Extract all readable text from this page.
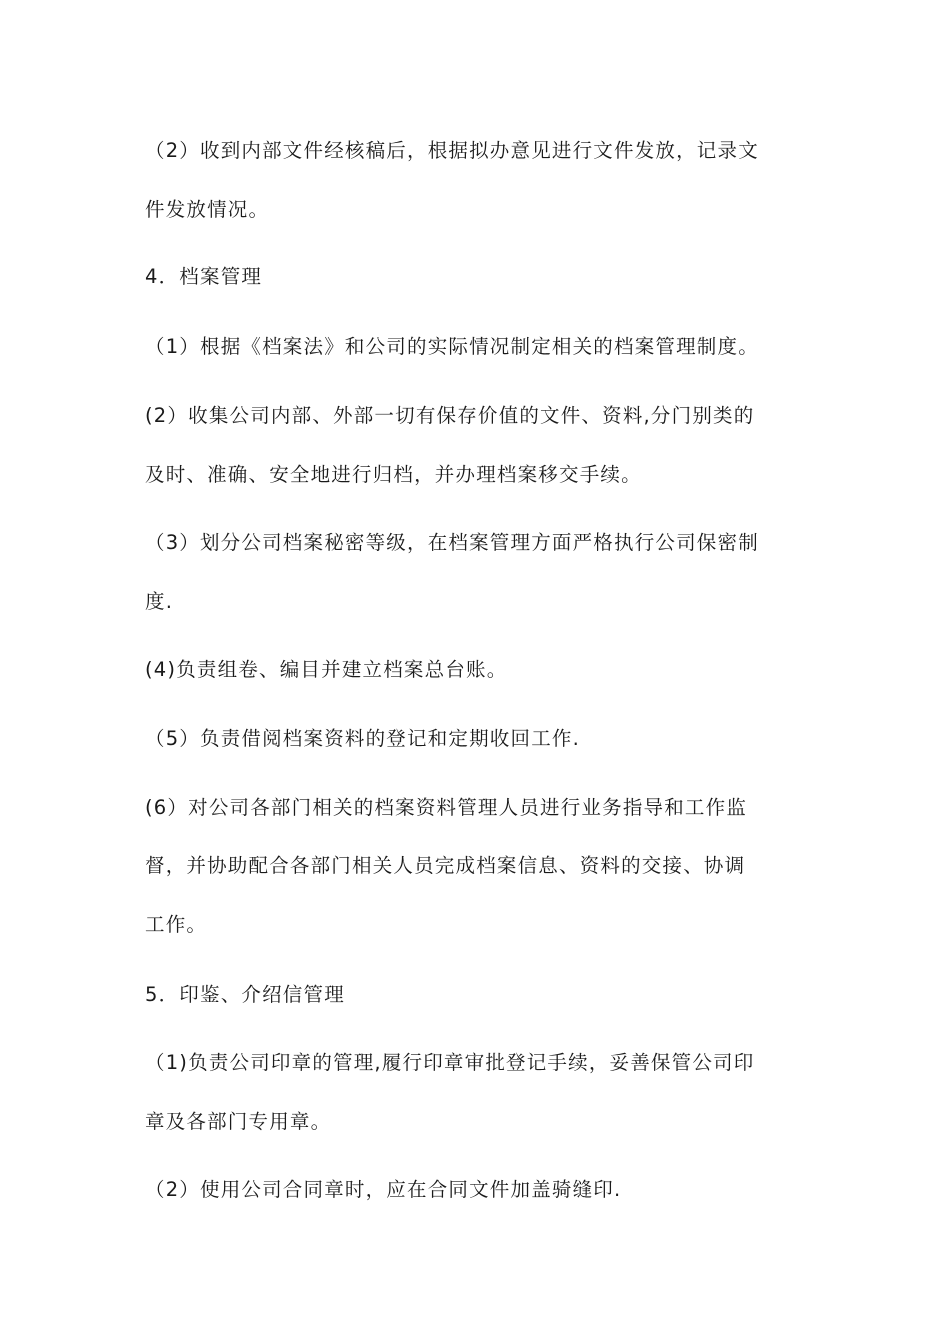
（2）收到内部文件经核稿后，根据拟办意见进行文件发放，记录文
件发放情况。
4．档案管理
（1）根据《档案法》和公司的实际情况制定相关的档案管理制度。
(2）收集公司内部、外部一切有保存价值的文件、资料,分门别类的
及时、准确、安全地进行归档，并办理档案移交手续。
（3）划分公司档案秘密等级，在档案管理方面严格执行公司保密制
度.
(4)负责组卷、编目并建立档案总台账。
（5）负责借阅档案资料的登记和定期收回工作.
(6）对公司各部门相关的档案资料管理人员进行业务指导和工作监
督，并协助配合各部门相关人员完成档案信息、资料的交接、协调
工作。
5．印鉴、介绍信管理
（1)负责公司印章的管理,履行印章审批登记手续，妥善保管公司印
章及各部门专用章。
（2）使用公司合同章时，应在合同文件加盖骑缝印.
